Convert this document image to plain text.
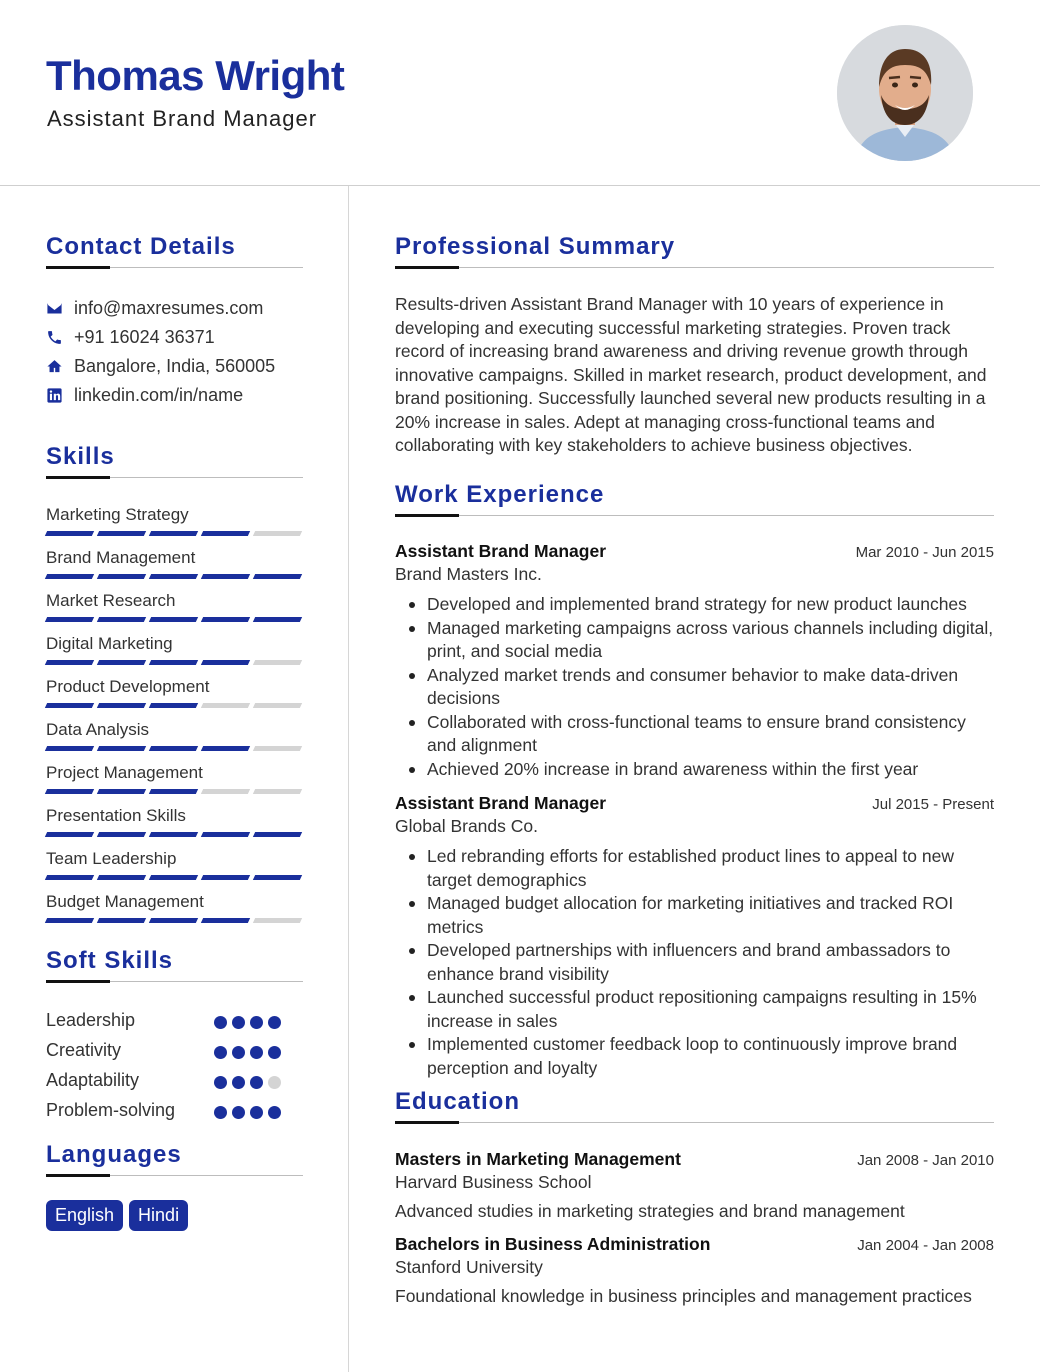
Thomas Wright
Assistant Brand Manager
Contact Details
info@maxresumes.com
+91 16024 36371
Bangalore, India, 560005
linkedin.com/in/name
Skills
Marketing Strategy
Brand Management
Market Research
Digital Marketing
Product Development
Data Analysis
Project Management
Presentation Skills
Team Leadership
Budget Management
Soft Skills
Leadership
Creativity
Adaptability
Problem-solving
Languages
English	Hindi
Professional Summary
Results-driven Assistant Brand Manager with 10 years of experience in developing and executing successful marketing strategies. Proven track record of increasing brand awareness and driving revenue growth through innovative campaigns. Skilled in market research, product development, and brand positioning. Successfully launched several new products resulting in a 20% increase in sales. Adept at managing cross-functional teams and collaborating with key stakeholders to achieve business objectives.
Work Experience
Assistant Brand Manager	Mar 2010 - Jun 2015
Brand Masters Inc.
Developed and implemented brand strategy for new product launches
Managed marketing campaigns across various channels including digital, print, and social media
Analyzed market trends and consumer behavior to make data-driven decisions
Collaborated with cross-functional teams to ensure brand consistency and alignment
Achieved 20% increase in brand awareness within the first year
Assistant Brand Manager	Jul 2015 - Present
Global Brands Co.
Led rebranding efforts for established product lines to appeal to new target demographics
Managed budget allocation for marketing initiatives and tracked ROI metrics
Developed partnerships with influencers and brand ambassadors to enhance brand visibility
Launched successful product repositioning campaigns resulting in 15% increase in sales
Implemented customer feedback loop to continuously improve brand perception and loyalty
Education
Masters in Marketing Management	Jan 2008 - Jan 2010
Harvard Business School
Advanced studies in marketing strategies and brand management
Bachelors in Business Administration	Jan 2004 - Jan 2008
Stanford University
Foundational knowledge in business principles and management practices
